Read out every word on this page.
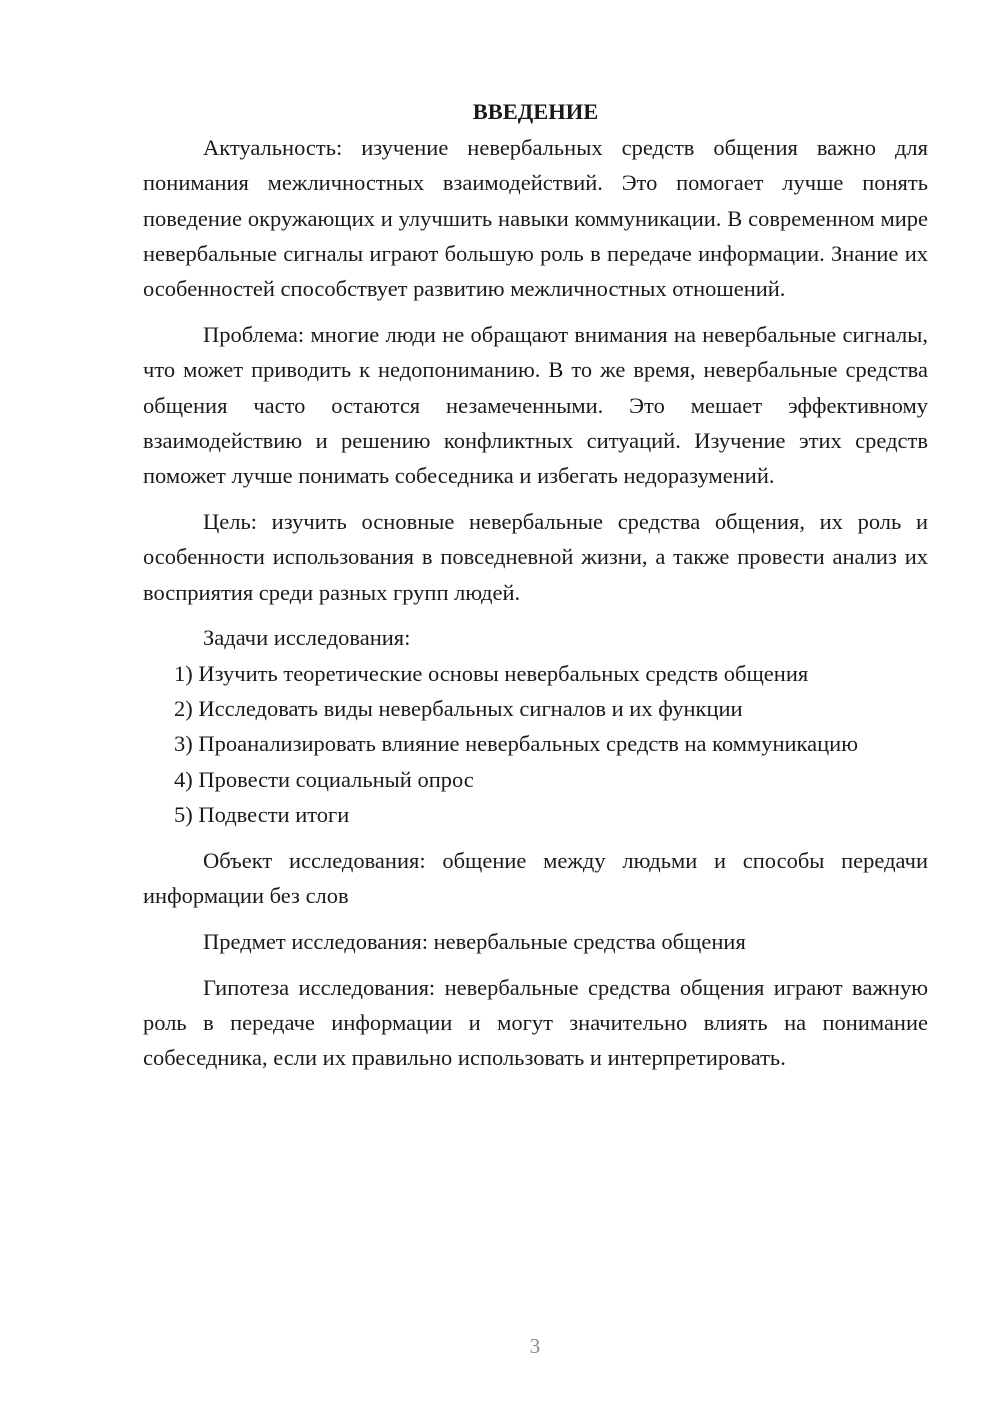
ВВЕДЕНИЕ

Актуальность: изучение невербальных средств общения важно для понимания межличностных взаимодействий. Это помогает лучше понять поведение окружающих и улучшить навыки коммуникации. В современном мире невербальные сигналы играют большую роль в передаче информации. Знание их особенностей способствует развитию межличностных отношений.

Проблема: многие люди не обращают внимания на невербальные сигналы, что может приводить к недопониманию. В то же время, невербальные средства общения часто остаются незамеченными. Это мешает эффективному взаимодействию и решению конфликтных ситуаций. Изучение этих средств поможет лучше понимать собеседника и избегать недоразумений.

Цель: изучить основные невербальные средства общения, их роль и особенности использования в повседневной жизни, а также провести анализ их восприятия среди разных групп людей.

Задачи исследования:

1) Изучить теоретические основы невербальных средств общения

2) Исследовать виды невербальных сигналов и их функции

3) Проанализировать влияние невербальных средств на коммуникацию

4) Провести социальный опрос

5) Подвести итоги

Объект исследования: общение между людьми и способы передачи информации без слов

Предмет исследования: невербальные средства общения

Гипотеза исследования: невербальные средства общения играют важную роль в передаче информации и могут значительно влиять на понимание собеседника, если их правильно использовать и интерпретировать.

3
